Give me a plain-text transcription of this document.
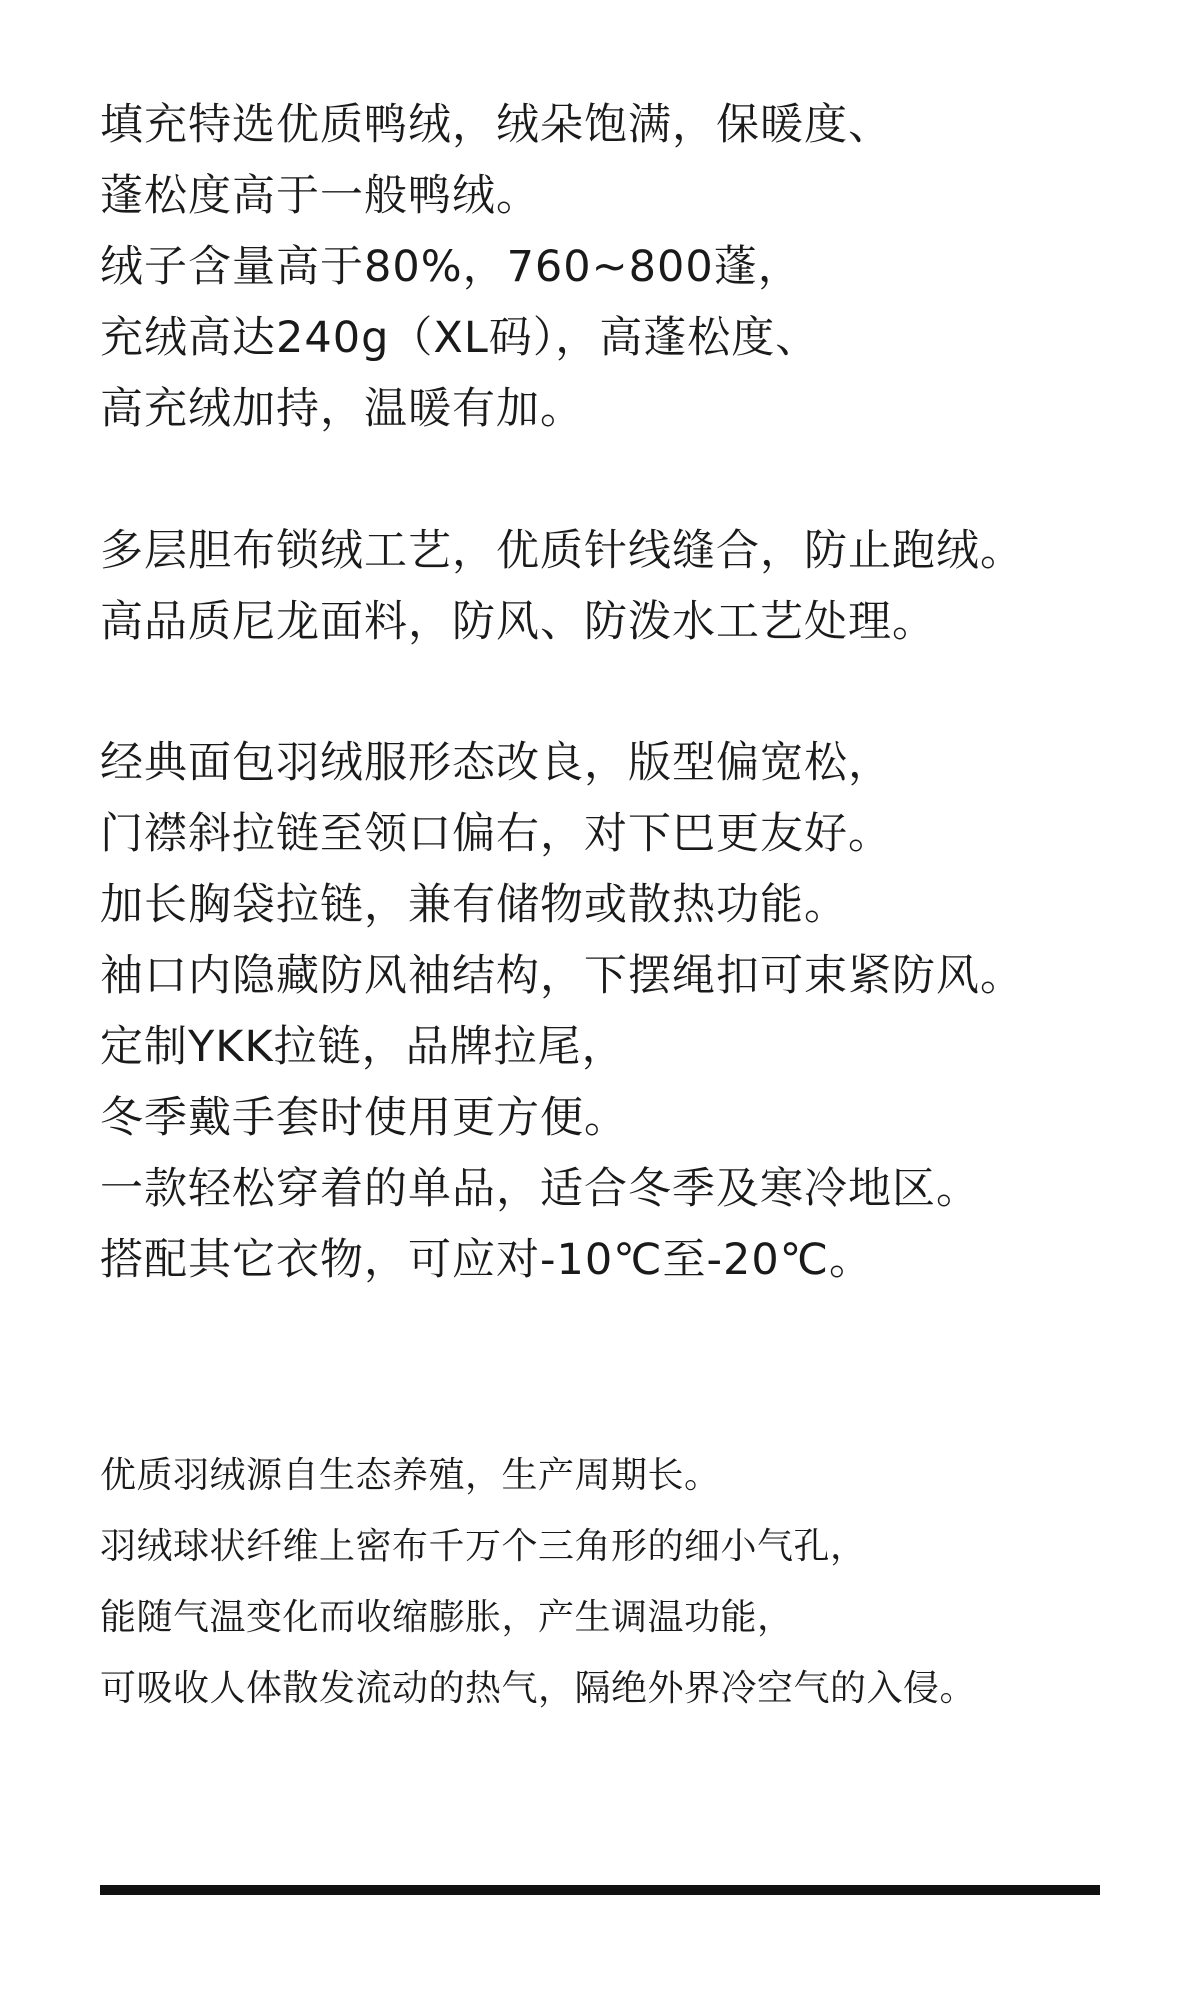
填充特选优质鸭绒，绒朵饱满，保暖度、
蓬松度高于一般鸭绒。
绒子含量高于80%，760~800蓬，
充绒高达240g（XL码），高蓬松度、
高充绒加持，温暖有加。
多层胆布锁绒工艺，优质针线缝合，防止跑绒。
高品质尼龙面料，防风、防泼水工艺处理。
经典面包羽绒服形态改良，版型偏宽松，
门襟斜拉链至领口偏右，对下巴更友好。
加长胸袋拉链，兼有储物或散热功能。
袖口内隐藏防风袖结构，下摆绳扣可束紧防风。
定制YKK拉链，品牌拉尾，
冬季戴手套时使用更方便。
一款轻松穿着的单品，适合冬季及寒冷地区。
搭配其它衣物，可应对-10℃至-20℃。
优质羽绒源自生态养殖，生产周期长。
羽绒球状纤维上密布千万个三角形的细小气孔，
能随气温变化而收缩膨胀，产生调温功能，
可吸收人体散发流动的热气，隔绝外界冷空气的入侵。
